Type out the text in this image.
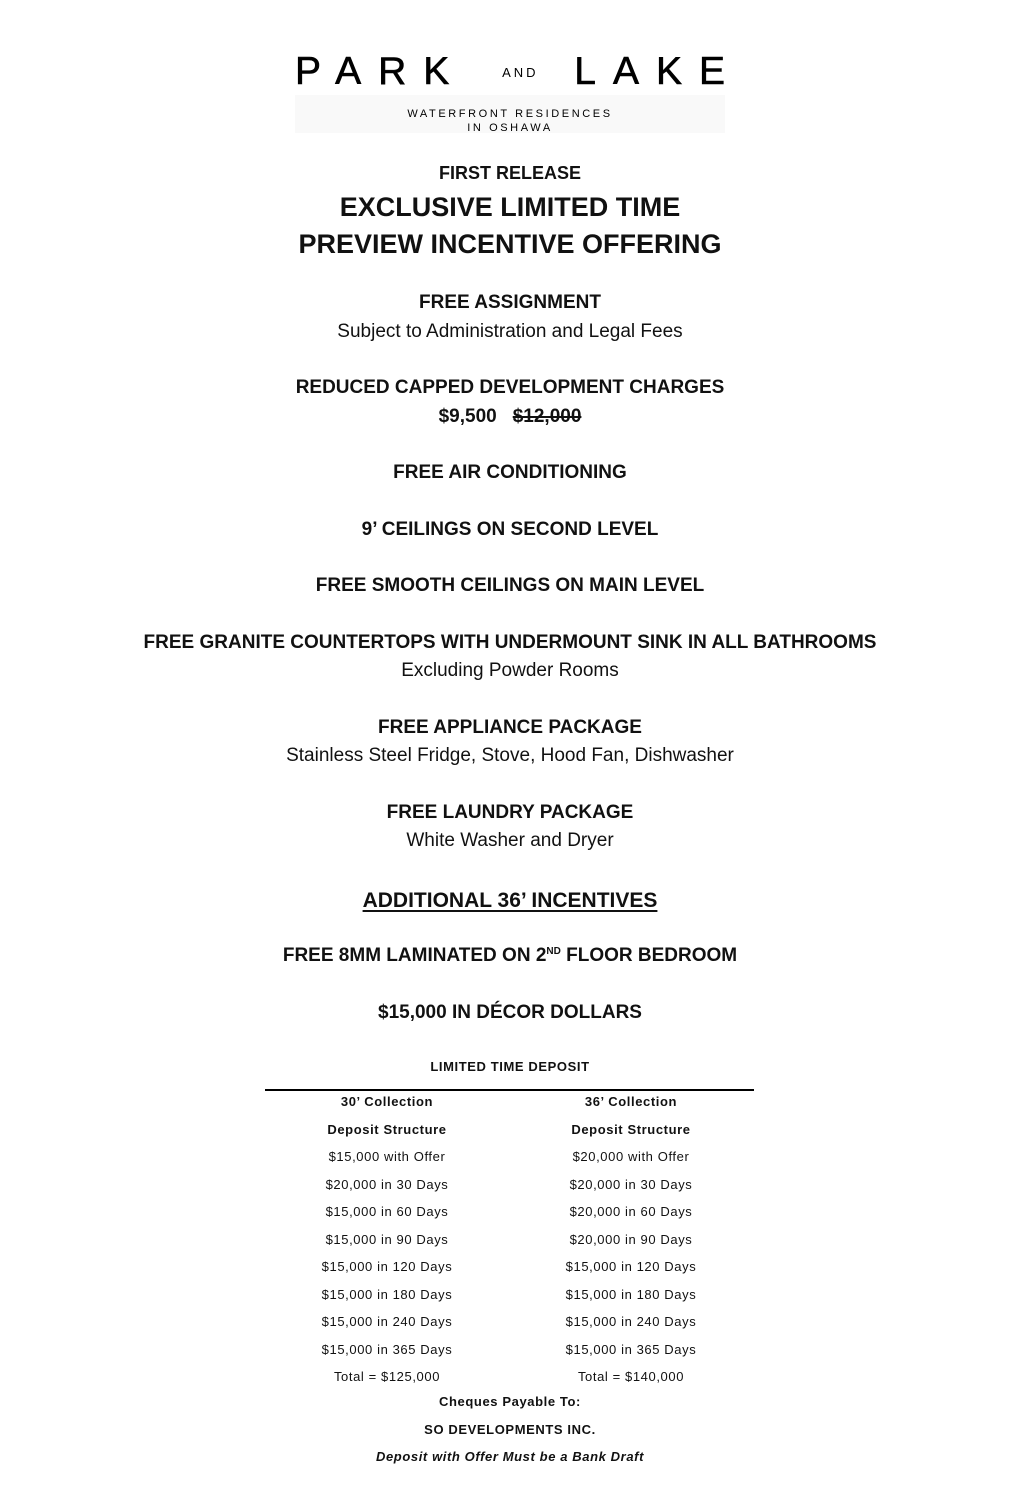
PARK	AND LAKE
WATERFRONT RESIDENCES
IN OSHAWA
FIRST RELEASE
EXCLUSIVE LIMITED TIME
PREVIEW INCENTIVE OFFERING
FREE ASSIGNMENT
Subject to Administration and Legal Fees
REDUCED CAPPED DEVELOPMENT CHARGES
$9,500 $12,000
FREE AIR CONDITIONING
9’ CEILINGS ON SECOND LEVEL
FREE SMOOTH CEILINGS ON MAIN LEVEL
FREE GRANITE COUNTERTOPS WITH UNDERMOUNT SINK IN ALL BATHROOMS
Excluding Powder Rooms
FREE APPLIANCE PACKAGE
Stainless Steel Fridge, Stove, Hood Fan, Dishwasher
FREE LAUNDRY PACKAGE
White Washer and Dryer
ADDITIONAL 36’ INCENTIVES
FREE 8MM LAMINATED ON 2ND FLOOR BEDROOM
$15,000 IN DÉCOR DOLLARS
LIMITED TIME DEPOSIT
30’ Collection
Deposit Structure
$15,000 with Offer
$20,000 in 30 Days
$15,000 in 60 Days
$15,000 in 90 Days
$15,000 in 120 Days
$15,000 in 180 Days
$15,000 in 240 Days
$15,000 in 365 Days
Total = $125,000
36’ Collection
Deposit Structure
$20,000 with Offer
$20,000 in 30 Days
$20,000 in 60 Days
$20,000 in 90 Days
$15,000 in 120 Days
$15,000 in 180 Days
$15,000 in 240 Days
$15,000 in 365 Days
Total = $140,000
Cheques Payable To:
SO DEVELOPMENTS INC.
Deposit with Offer Must be a Bank Draft
